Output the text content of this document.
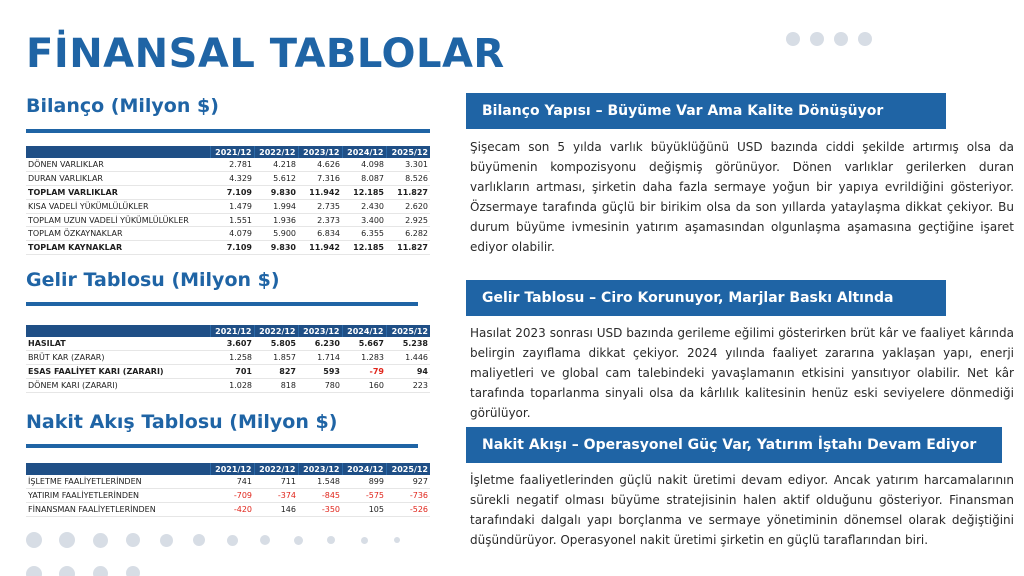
FİNANSAL TABLOLAR
Bilanço (Milyon $)
	2021/12	2022/12	2023/12	2024/12	2025/12
DÖNEN VARLIKLAR	2.781	4.218	4.626	4.098	3.301
DURAN VARLIKLAR	4.329	5.612	7.316	8.087	8.526
TOPLAM VARLIKLAR	7.109	9.830	11.942	12.185	11.827
KISA VADELİ YÜKÜMLÜLÜKLER	1.479	1.994	2.735	2.430	2.620
TOPLAM UZUN VADELİ YÜKÜMLÜLÜKLER	1.551	1.936	2.373	3.400	2.925
TOPLAM ÖZKAYNAKLAR	4.079	5.900	6.834	6.355	6.282
TOPLAM KAYNAKLAR	7.109	9.830	11.942	12.185	11.827
Gelir Tablosu (Milyon $)
	2021/12	2022/12	2023/12	2024/12	2025/12
HASILAT	3.607	5.805	6.230	5.667	5.238
BRÜT KAR (ZARAR)	1.258	1.857	1.714	1.283	1.446
ESAS FAALİYET KARI (ZARARI)	701	827	593	-79	94
DÖNEM KARI (ZARARI)	1.028	818	780	160	223
Nakit Akış Tablosu (Milyon $)
	2021/12	2022/12	2023/12	2024/12	2025/12
İŞLETME FAALİYETLERİNDEN	741	711	1.548	899	927
YATIRIM FAALİYETLERİNDEN	-709	-374	-845	-575	-736
FİNANSMAN FAALİYETLERİNDEN	-420	146	-350	105	-526
Bilanço Yapısı – Büyüme Var Ama Kalite Dönüşüyor

Şişecam son 5 yılda varlık büyüklüğünü USD bazında ciddi şekilde artırmış olsa da büyümenin kompozisyonu değişmiş görünüyor. Dönen varlıklar gerilerken duran varlıkların artması, şirketin daha fazla sermaye yoğun bir yapıya evrildiğini gösteriyor. Özsermaye tarafında güçlü bir birikim olsa da son yıllarda yataylaşma dikkat çekiyor. Bu durum büyüme ivmesinin yatırım aşamasından olgunlaşma aşamasına geçtiğine işaret ediyor olabilir.

Gelir Tablosu – Ciro Korunuyor, Marjlar Baskı Altında

Hasılat 2023 sonrası USD bazında gerileme eğilimi gösterirken brüt kâr ve faaliyet kârında belirgin zayıflama dikkat çekiyor. 2024 yılında faaliyet zararına yaklaşan yapı, enerji maliyetleri ve global cam talebindeki yavaşlamanın etkisini yansıtıyor olabilir. Net kâr tarafında toparlanma sinyali olsa da kârlılık kalitesinin henüz eski seviyelere dönmediği görülüyor.

Nakit Akışı – Operasyonel Güç Var, Yatırım İştahı Devam Ediyor

İşletme faaliyetlerinden güçlü nakit üretimi devam ediyor. Ancak yatırım harcamalarının sürekli negatif olması büyüme stratejisinin halen aktif olduğunu gösteriyor. Finansman tarafındaki dalgalı yapı borçlanma ve sermaye yönetiminin dönemsel olarak değiştiğini düşündürüyor. Operasyonel nakit üretimi şirketin en güçlü taraflarından biri.
